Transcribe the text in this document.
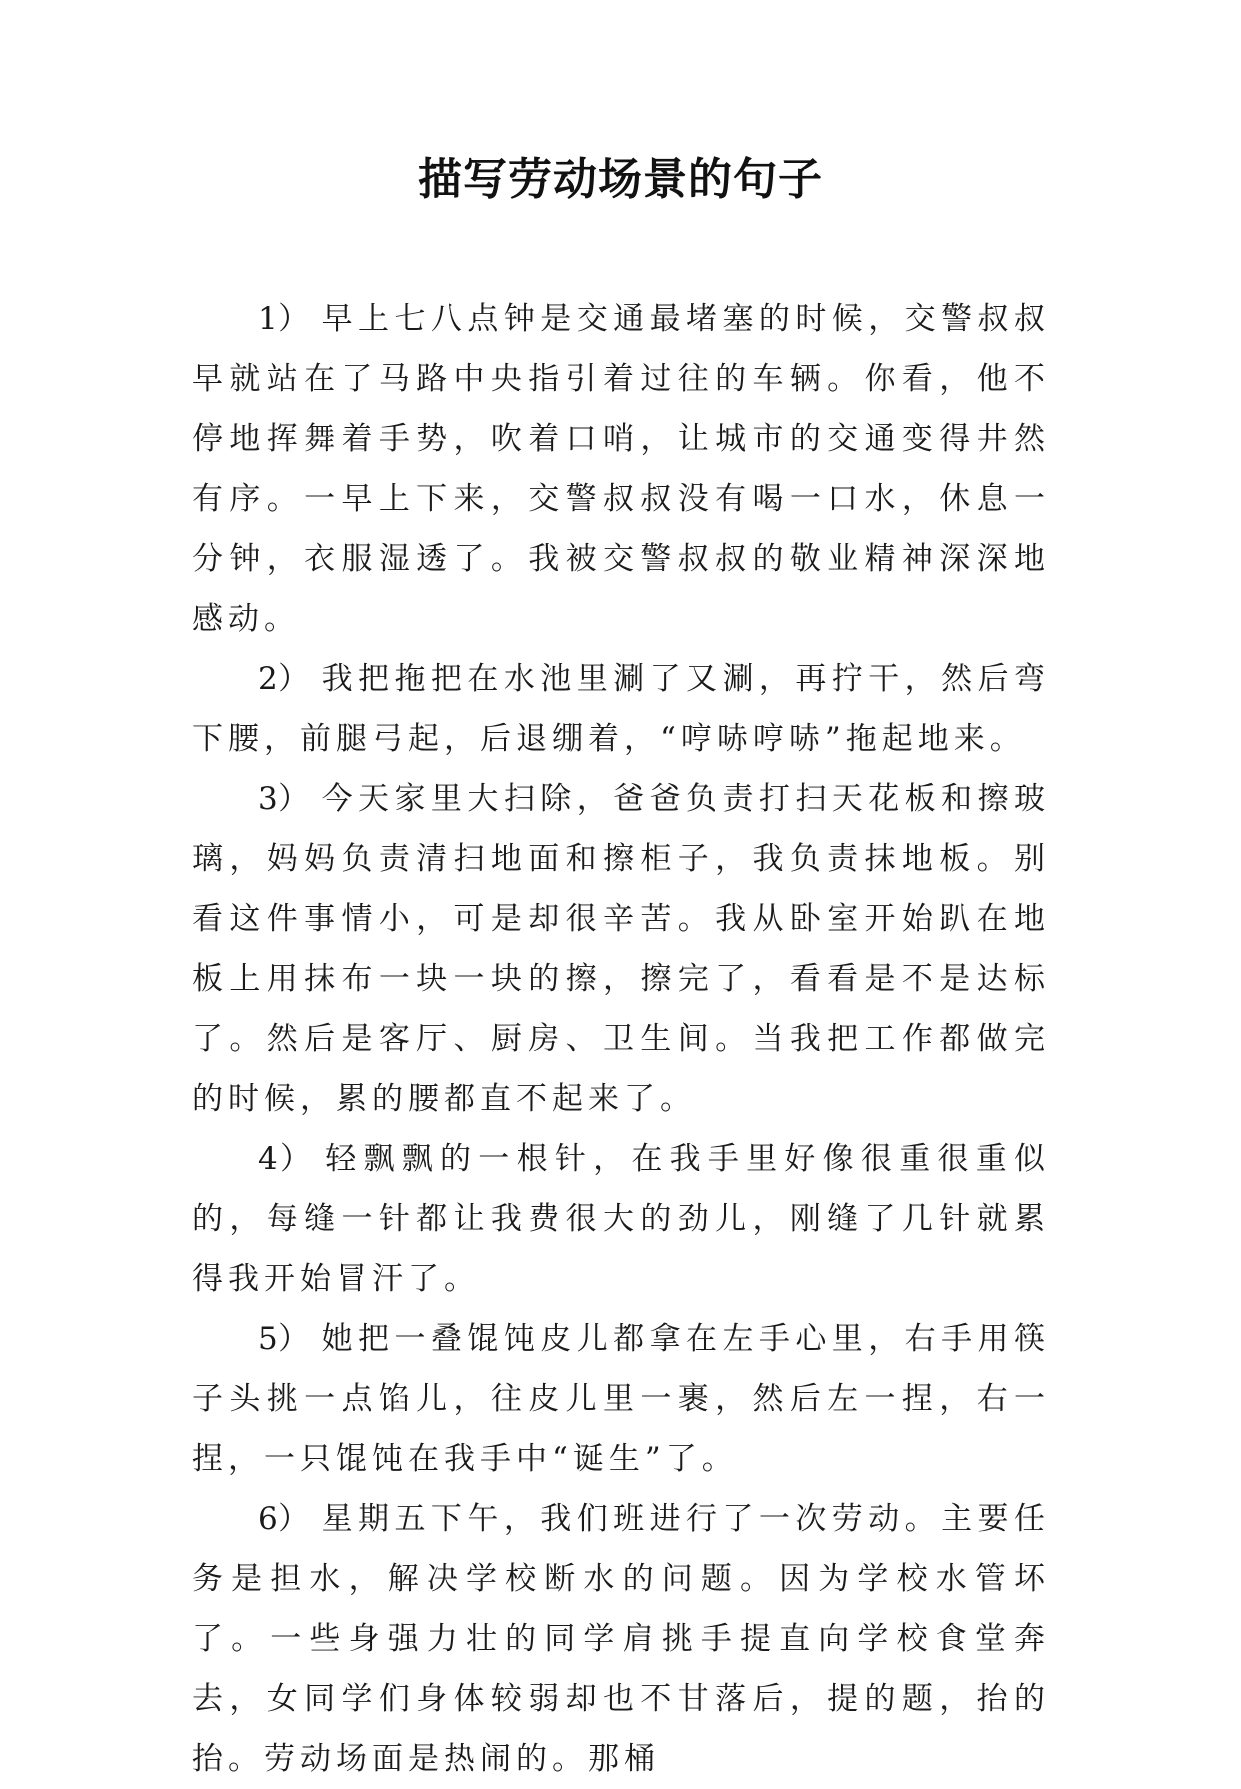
描写劳动场景的句子

1） 早上七八点钟是交通最堵塞的时候，交警叔叔早就站在了马路中央指引着过往的车辆。你看，他不停地挥舞着手势，吹着口哨，让城市的交通变得井然有序。一早上下来，交警叔叔没有喝一口水，休息一分钟，衣服湿透了。我被交警叔叔的敬业精神深深地感动。

2） 我把拖把在水池里涮了又涮，再拧干，然后弯下腰，前腿弓起，后退绷着，“哼哧哼哧”拖起地来。

3） 今天家里大扫除，爸爸负责打扫天花板和擦玻璃，妈妈负责清扫地面和擦柜子，我负责抹地板。别看这件事情小，可是却很辛苦。我从卧室开始趴在地板上用抹布一块一块的擦，擦完了，看看是不是达标了。然后是客厅、厨房、卫生间。当我把工作都做完的时候，累的腰都直不起来了。

4） 轻飘飘的一根针，在我手里好像很重很重似的，每缝一针都让我费很大的劲儿，刚缝了几针就累得我开始冒汗了。

5） 她把一叠馄饨皮儿都拿在左手心里，右手用筷子头挑一点馅儿，往皮儿里一裹，然后左一捏，右一捏，一只馄饨在我手中“诞生”了。

6） 星期五下午，我们班进行了一次劳动。主要任务是担水，解决学校断水的问题。因为学校水管坏了。一些身强力壮的同学肩挑手提直向学校食堂奔去，女同学们身体较弱却也不甘落后，提的题，抬的抬。劳动场面是热闹的。那桶
